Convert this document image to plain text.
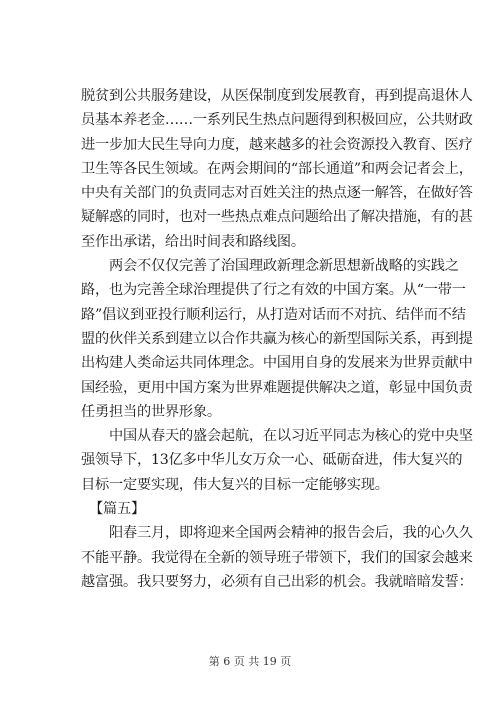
脱贫到公共服务建设，从医保制度到发展教育，再到提高退休人
员基本养老金……一系列民生热点问题得到积极回应，公共财政
进一步加大民生导向力度，越来越多的社会资源投入教育、医疗
卫生等各民生领域。在两会期间的“部长通道”和两会记者会上，
中央有关部门的负责同志对百姓关注的热点逐一解答，在做好答
疑解惑的同时，也对一些热点难点问题给出了解决措施，有的甚
至作出承诺，给出时间表和路线图。
两会不仅仅完善了治国理政新理念新思想新战略的实践之
路，也为完善全球治理提供了行之有效的中国方案。从“一带一
路”倡议到亚投行顺利运行，从打造对话而不对抗、结伴而不结
盟的伙伴关系到建立以合作共赢为核心的新型国际关系，再到提
出构建人类命运共同体理念。中国用自身的发展来为世界贡献中
国经验，更用中国方案为世界难题提供解决之道，彰显中国负责
任勇担当的世界形象。
中国从春天的盛会起航，在以习近平同志为核心的党中央坚
强领导下，13亿多中华儿女万众一心、砥砺奋进，伟大复兴的
目标一定要实现，伟大复兴的目标一定能够实现。
【篇五】
阳春三月，即将迎来全国两会精神的报告会后，我的心久久
不能平静。我觉得在全新的领导班子带领下，我们的国家会越来
越富强。我只要努力，必须有自己出彩的机会。我就暗暗发誓：
第 6 页 共 19 页
